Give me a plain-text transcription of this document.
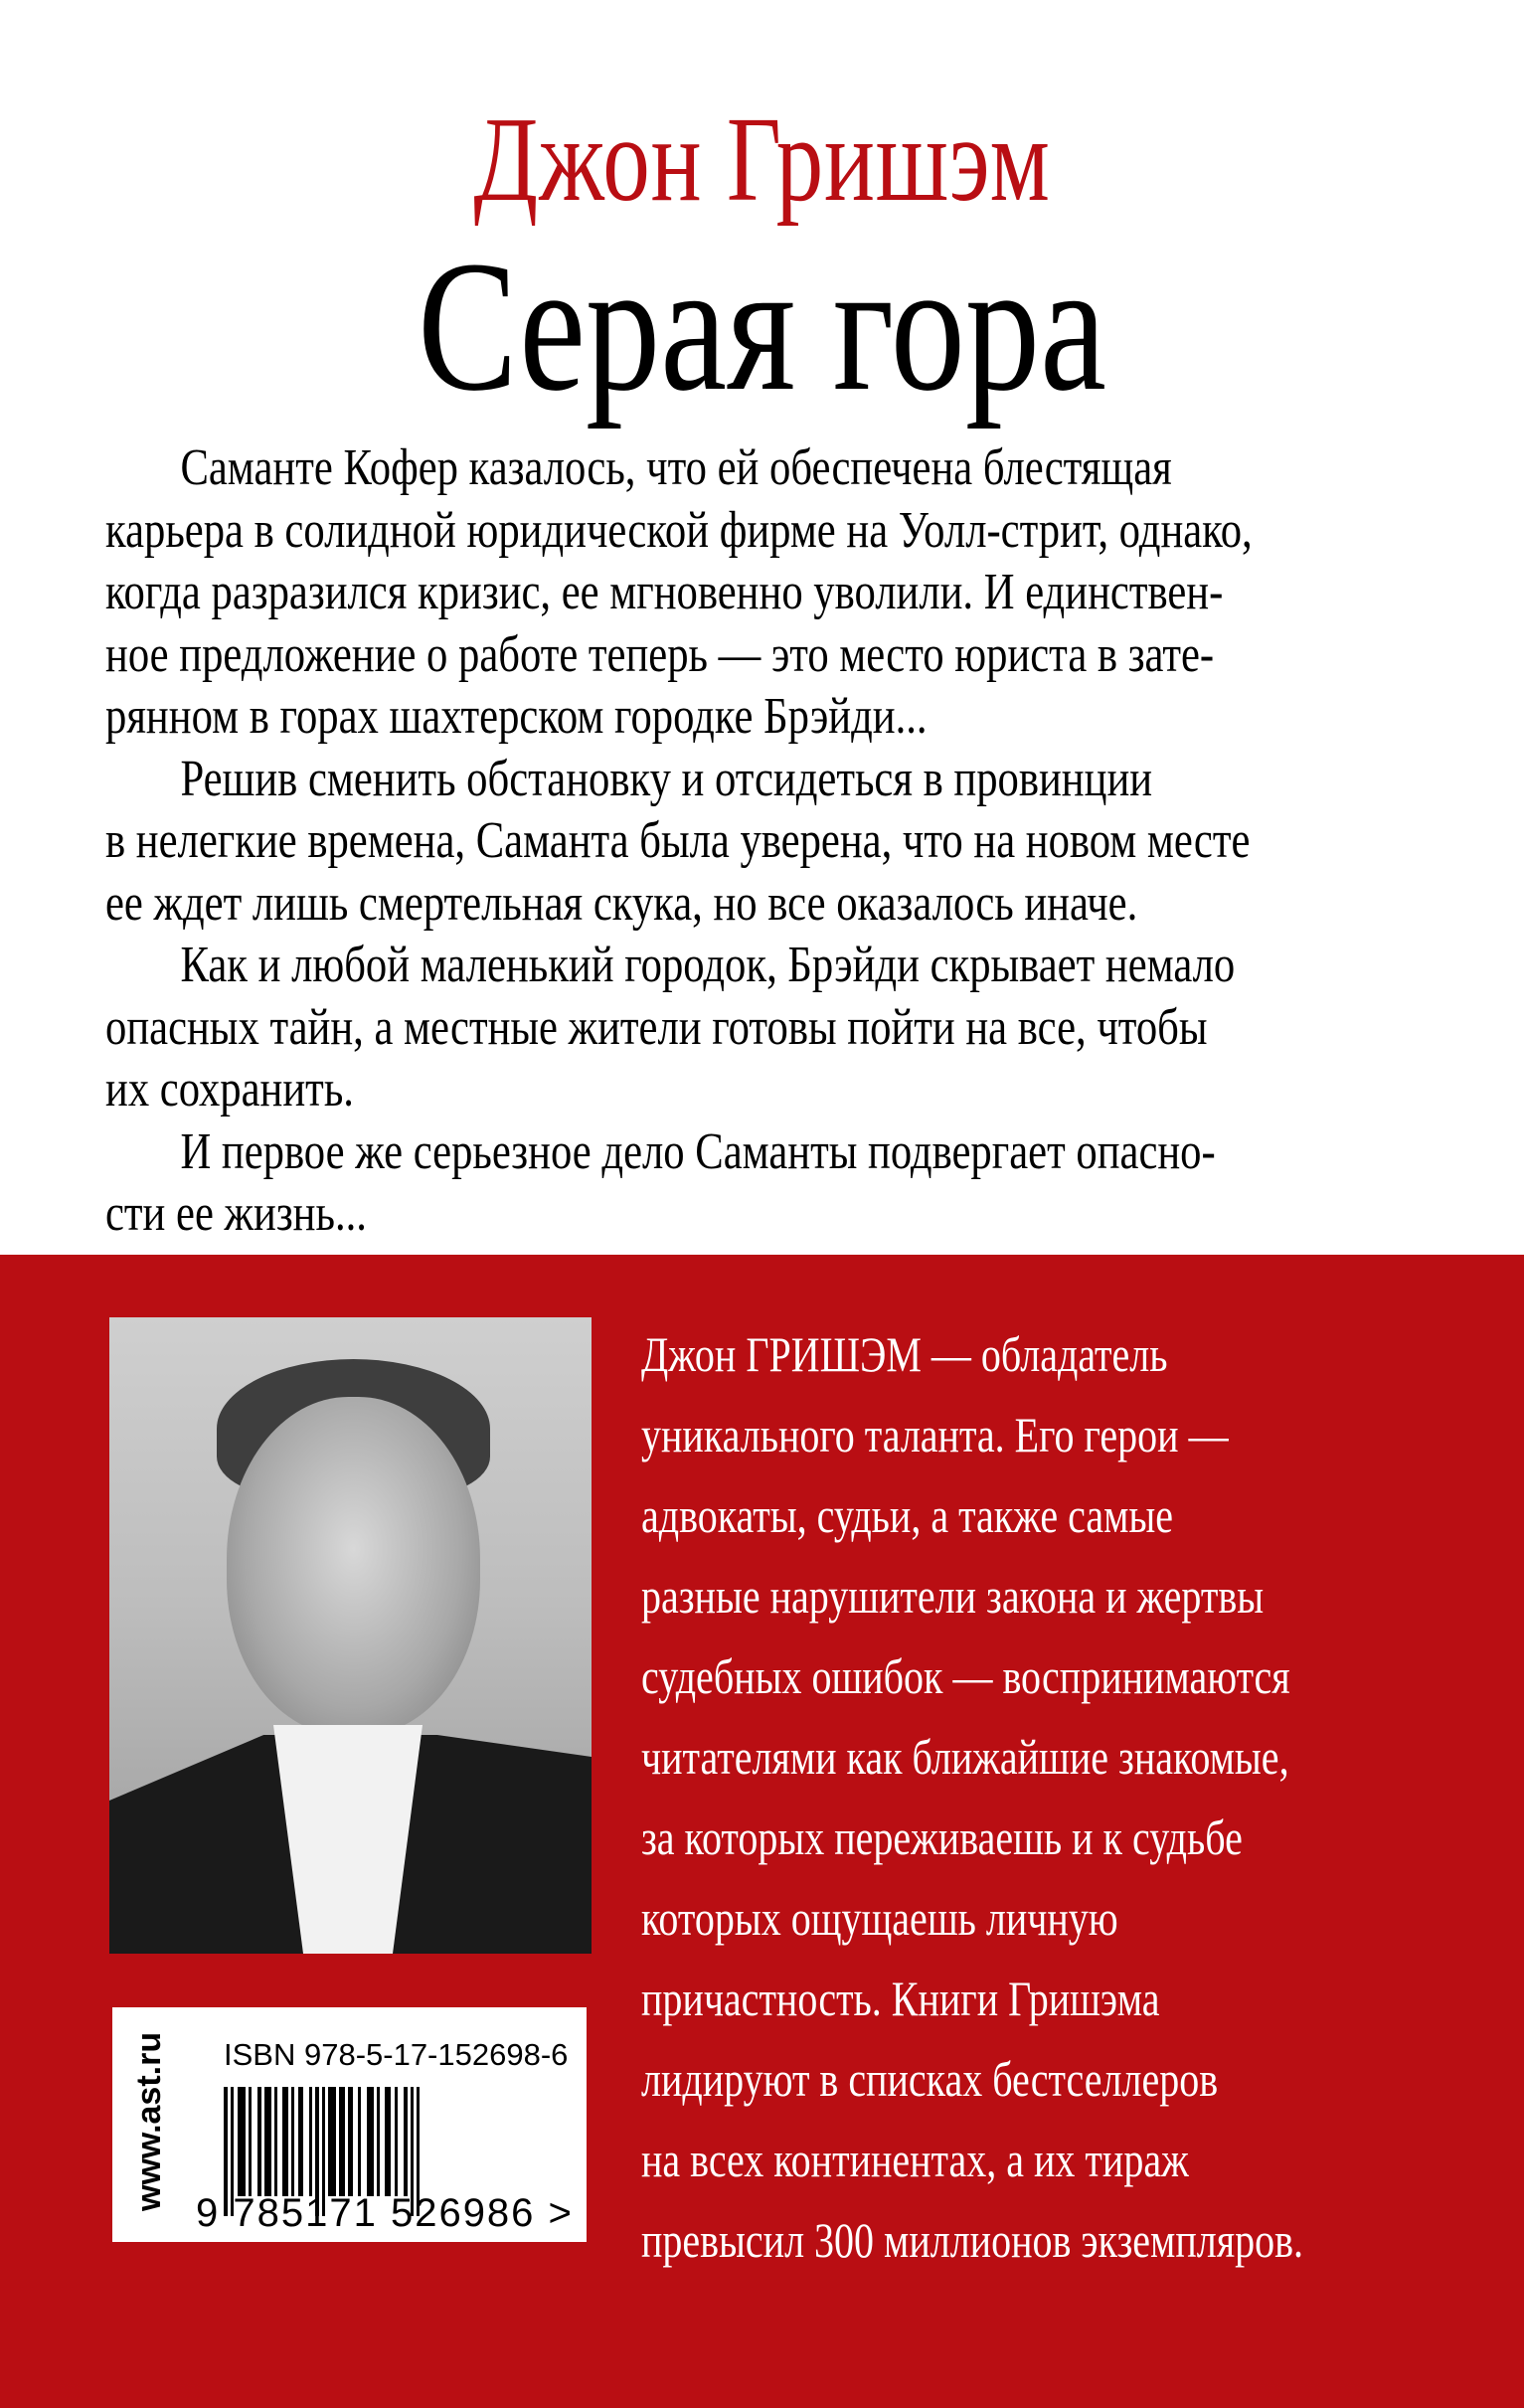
Джон Гришэм
Серая гора
Саманте Кофер казалось, что ей обеспечена блестящая
карьера в солидной юридической фирме на Уолл-стрит, однако,
когда разразился кризис, ее мгновенно уволили. И единствен-
ное предложение о работе теперь — это место юриста в зате-
рянном в горах шахтерском городке Брэйди...
Решив сменить обстановку и отсидеться в провинции
в нелегкие времена, Саманта была уверена, что на новом месте
ее ждет лишь смертельная скука, но все оказалось иначе.
Как и любой маленький городок, Брэйди скрывает немало
опасных тайн, а местные жители готовы пойти на все, чтобы
их сохранить.
И первое же серьезное дело Саманты подвергает опасно-
сти ее жизнь...
Джон ГРИШЭМ — обладатель
уникального таланта. Его герои —
адвокаты, судьи, а также самые
разные нарушители закона и жертвы
судебных ошибок — воспринимаются
читателями как ближайшие знакомые,
за которых переживаешь и к судьбе
которых ощущаешь личную
причастность. Книги Гришэма
лидируют в списках бестселлеров
на всех континентах, а их тираж
превысил 300 миллионов экземпляров.
www.ast.ru ISBN 978-5-17-152698-6
9 785171 526986 >
